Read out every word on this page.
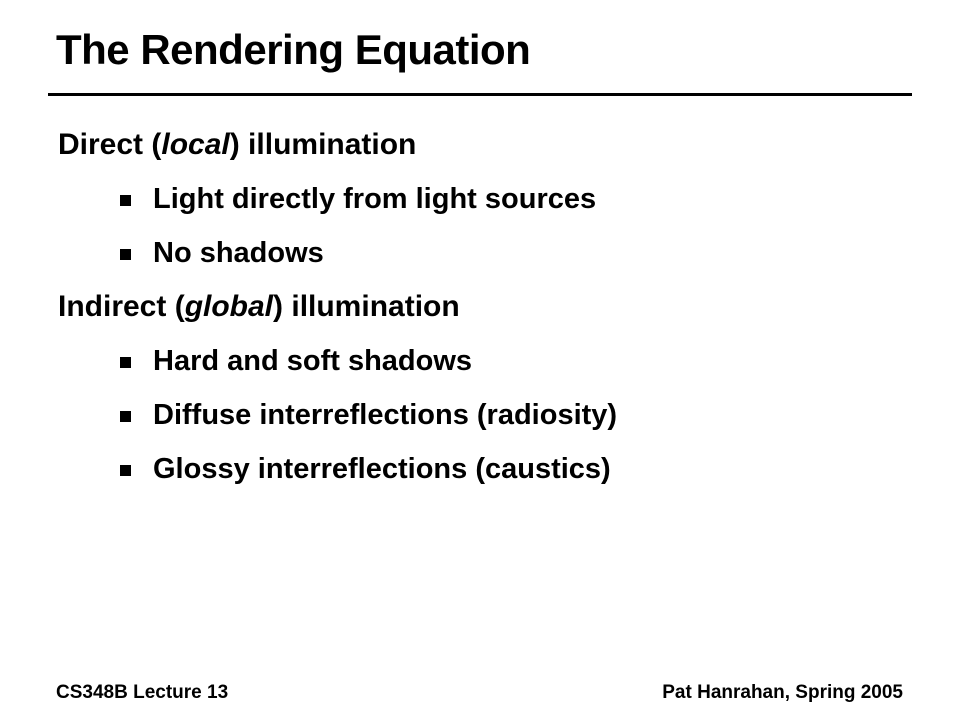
The Rendering Equation
Direct (local) illumination
Light directly from light sources
No shadows
Indirect (global) illumination
Hard and soft shadows
Diffuse interreflections (radiosity)
Glossy interreflections (caustics)
CS348B Lecture 13	Pat Hanrahan, Spring 2005
